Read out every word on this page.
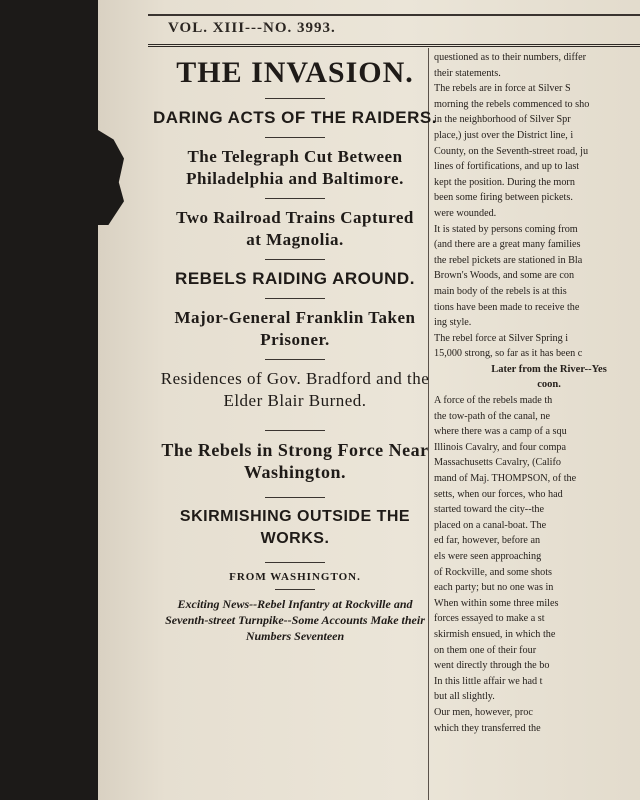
VOL. XIII---NO. 3993.
THE INVASION.
DARING ACTS OF THE RAIDERS.
The Telegraph Cut Between Philadelphia and Baltimore.
Two Railroad Trains Captured at Magnolia.
REBELS RAIDING AROUND.
Major-General Franklin Taken Prisoner.
Residences of Gov. Bradford and the Elder Blair Burned.
The Rebels in Strong Force Near Washington.
SKIRMISHING OUTSIDE THE WORKS.
FROM WASHINGTON.
Exciting News--Rebel Infantry at Rockville and Seventh-street Turnpike--Some Accounts Make their Numbers Seventeen

questioned as to their numbers, differ

their statements.

The rebels are in force at Silver S

morning the rebels commenced to sho

in the neighborhood of Silver Spr

place,) just over the District line, i

County, on the Seventh-street road, ju

lines of fortifications, and up to last

kept the position. During the morn

been some firing between pickets.

were wounded.

It is stated by persons coming from

(and there are a great many families

the rebel pickets are stationed in Bla

Brown's Woods, and some are con

main body of the rebels is at this

tions have been made to receive the

ing style.

The rebel force at Silver Spring i

15,000 strong, so far as it has been c

Later from the River--Yes

coon.

A force of the rebels made th

the tow-path of the canal, ne

where there was a camp of a squ

Illinois Cavalry, and four compa

Massachusetts Cavalry, (Califo

mand of Maj. THOMPSON, of the

setts, when our forces, who had

started toward the city--the

placed on a canal-boat. The

ed far, however, before an

els were seen approaching

of Rockville, and some shots

each party; but no one was in

When within some three miles

forces essayed to make a st

skirmish ensued, in which the

on them one of their four

went directly through the bo

In this little affair we had t

but all slightly.

Our men, however, proc

which they transferred the
